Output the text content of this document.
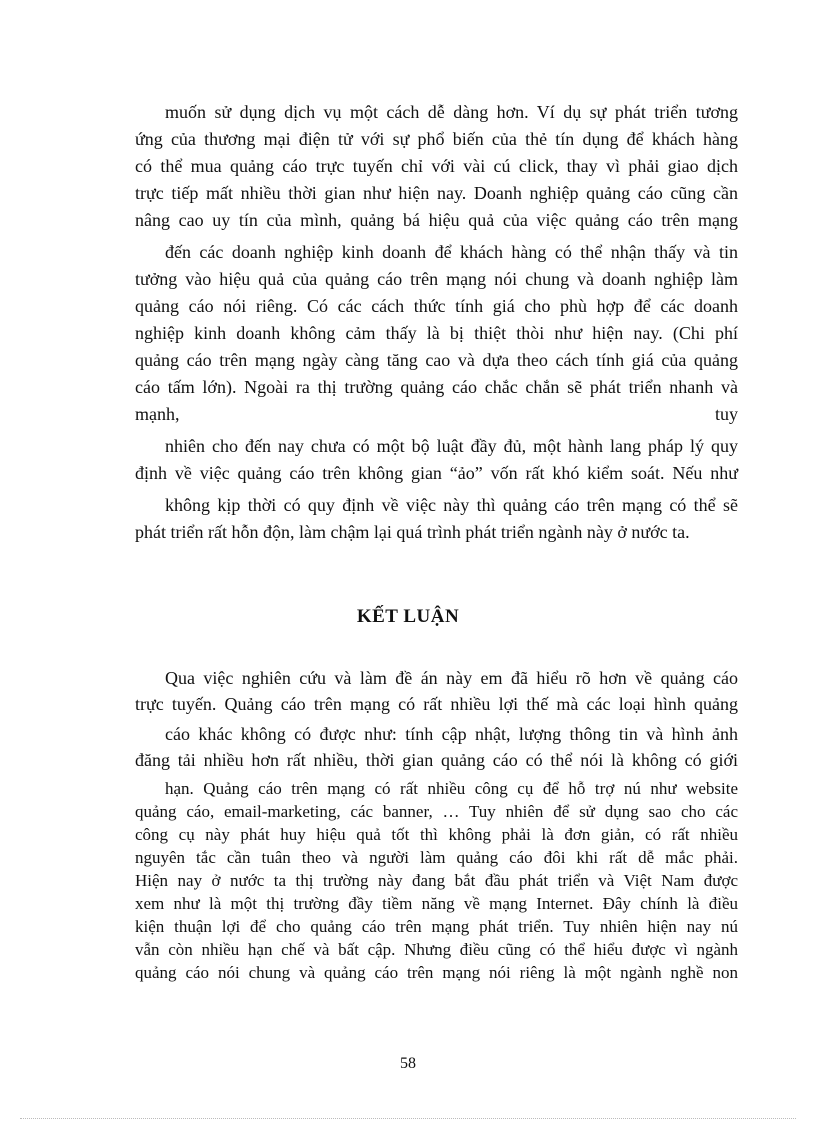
muốn sử dụng dịch vụ một cách dễ dàng hơn. Ví dụ sự phát triển tương
ứng của thương mại điện tử với sự phổ biến của thẻ tín dụng để khách hàng
có thể mua quảng cáo trực tuyến chỉ với vài cú click, thay vì phải giao dịch
trực tiếp mất nhiều thời gian như hiện nay. Doanh nghiệp quảng cáo cũng cần
nâng cao uy tín của mình, quảng bá hiệu quả của việc quảng cáo trên mạng
đến các doanh nghiệp kinh doanh để khách hàng có thể nhận thấy và tin
tưởng vào hiệu quả của quảng cáo trên mạng nói chung và doanh nghiệp làm
quảng cáo nói riêng. Có các cách thức tính giá cho phù hợp để các doanh
nghiệp kinh doanh không cảm thấy là bị thiệt thòi như hiện nay. (Chi phí
quảng cáo trên mạng ngày càng tăng cao và dựa theo cách tính giá của quảng
cáo tấm lớn). Ngoài ra thị trường quảng cáo chắc chắn sẽ phát triển nhanh và
mạnh, tuy
nhiên cho đến nay chưa có một bộ luật đầy đủ, một hành lang pháp lý quy
định về việc quảng cáo trên không gian “ảo” vốn rất khó kiểm soát. Nếu như
không kịp thời có quy định về việc này thì quảng cáo trên mạng có thể sẽ
phát triển rất hỗn độn, làm chậm lại quá trình phát triển ngành này ở nước ta.
KẾT LUẬN
Qua việc nghiên cứu và làm đề án này em đã hiểu rõ hơn về quảng cáo
trực tuyến. Quảng cáo trên mạng có rất nhiều lợi thế mà các loại hình quảng
cáo khác không có được như: tính cập nhật, lượng thông tin và hình ảnh
đăng tải nhiều hơn rất nhiều, thời gian quảng cáo có thể nói là không có giới
hạn. Quảng cáo trên mạng có rất nhiều công cụ để hỗ trợ nú như website
quảng cáo, email-marketing, các banner, … Tuy nhiên để sử dụng sao cho các
công cụ này phát huy hiệu quả tốt thì không phải là đơn giản, có rất nhiều
nguyên tắc cần tuân theo và người làm quảng cáo đôi khi rất dễ mắc phải.
Hiện nay ở nước ta thị trường này đang bắt đầu phát triển và Việt Nam được
xem như là một thị trường đầy tiềm năng về mạng Internet. Đây chính là điều
kiện thuận lợi để cho quảng cáo trên mạng phát triển. Tuy nhiên hiện nay nú
vẫn còn nhiều hạn chế và bất cập. Nhưng điều cũng có thể hiểu được vì ngành
quảng cáo nói chung và quảng cáo trên mạng nói riêng là một ngành nghề non
58
